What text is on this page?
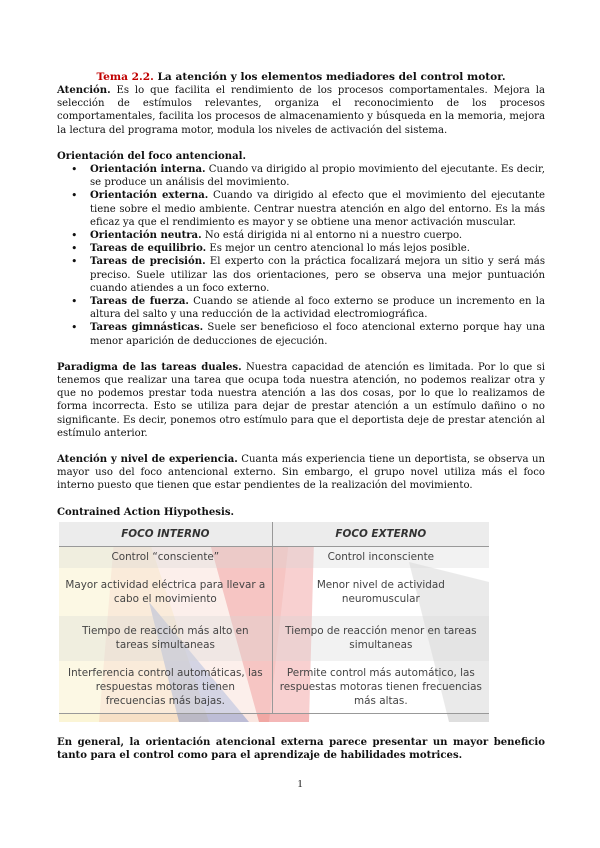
Tema 2.2. La atención y los elementos mediadores del control motor.

Atención. Es lo que facilita el rendimiento de los procesos comportamentales. Mejora la selección de estímulos relevantes, organiza el reconocimiento de los procesos comportamentales, facilita los procesos de almacenamiento y búsqueda en la memoria, mejora la lectura del programa motor, modula los niveles de activación del sistema.

Orientación del foco antencional.

• Orientación interna. Cuando va dirigido al propio movimiento del ejecutante. Es decir, se produce un análisis del movimiento.
• Orientación externa. Cuando va dirigido al efecto que el movimiento del ejecutante tiene sobre el medio ambiente. Centrar nuestra atención en algo del entorno. Es la más eficaz ya que el rendimiento es mayor y se obtiene una menor activación muscular.
• Orientación neutra. No está dirigida ni al entorno ni a nuestro cuerpo.
• Tareas de equilibrio. Es mejor un centro atencional lo más lejos posible.
• Tareas de precisión. El experto con la práctica focalizará mejora un sitio y será más preciso. Suele utilizar las dos orientaciones, pero se observa una mejor puntuación cuando atiendes a un foco externo.
• Tareas de fuerza. Cuando se atiende al foco externo se produce un incremento en la altura del salto y una reducción de la actividad electromiográfica.
• Tareas gimnásticas. Suele ser beneficioso el foco atencional externo porque hay una menor aparición de deducciones de ejecución.

Paradigma de las tareas duales. Nuestra capacidad de atención es limitada. Por lo que si tenemos que realizar una tarea que ocupa toda nuestra atención, no podemos realizar otra y que no podemos prestar toda nuestra atención a las dos cosas, por lo que lo realizamos de forma incorrecta. Esto se utiliza para dejar de prestar atención a un estímulo dañino o no significante. Es decir, ponemos otro estímulo para que el deportista deje de prestar atención al estímulo anterior.

Atención y nivel de experiencia. Cuanta más experiencia tiene un deportista, se observa un mayor uso del foco antencional externo. Sin embargo, el grupo novel utiliza más el foco interno puesto que tienen que estar pendientes de la realización del movimiento.

Contrained Action Hiypothesis.

FOCO INTERNO	FOCO EXTERNO
Control “consciente”	Control inconsciente
Mayor actividad eléctrica para llevar a cabo el movimiento	Menor nivel de actividad neuromuscular
Tiempo de reacción más alto en tareas simultaneas	Tiempo de reacción menor en tareas simultaneas
Interferencia control automáticas, las respuestas motoras tienen frecuencias más bajas.	Permite control más automático, las respuestas motoras tienen frecuencias más altas.

En general, la orientación atencional externa parece presentar un mayor beneficio tanto para el control como para el aprendizaje de habilidades motrices.

1
